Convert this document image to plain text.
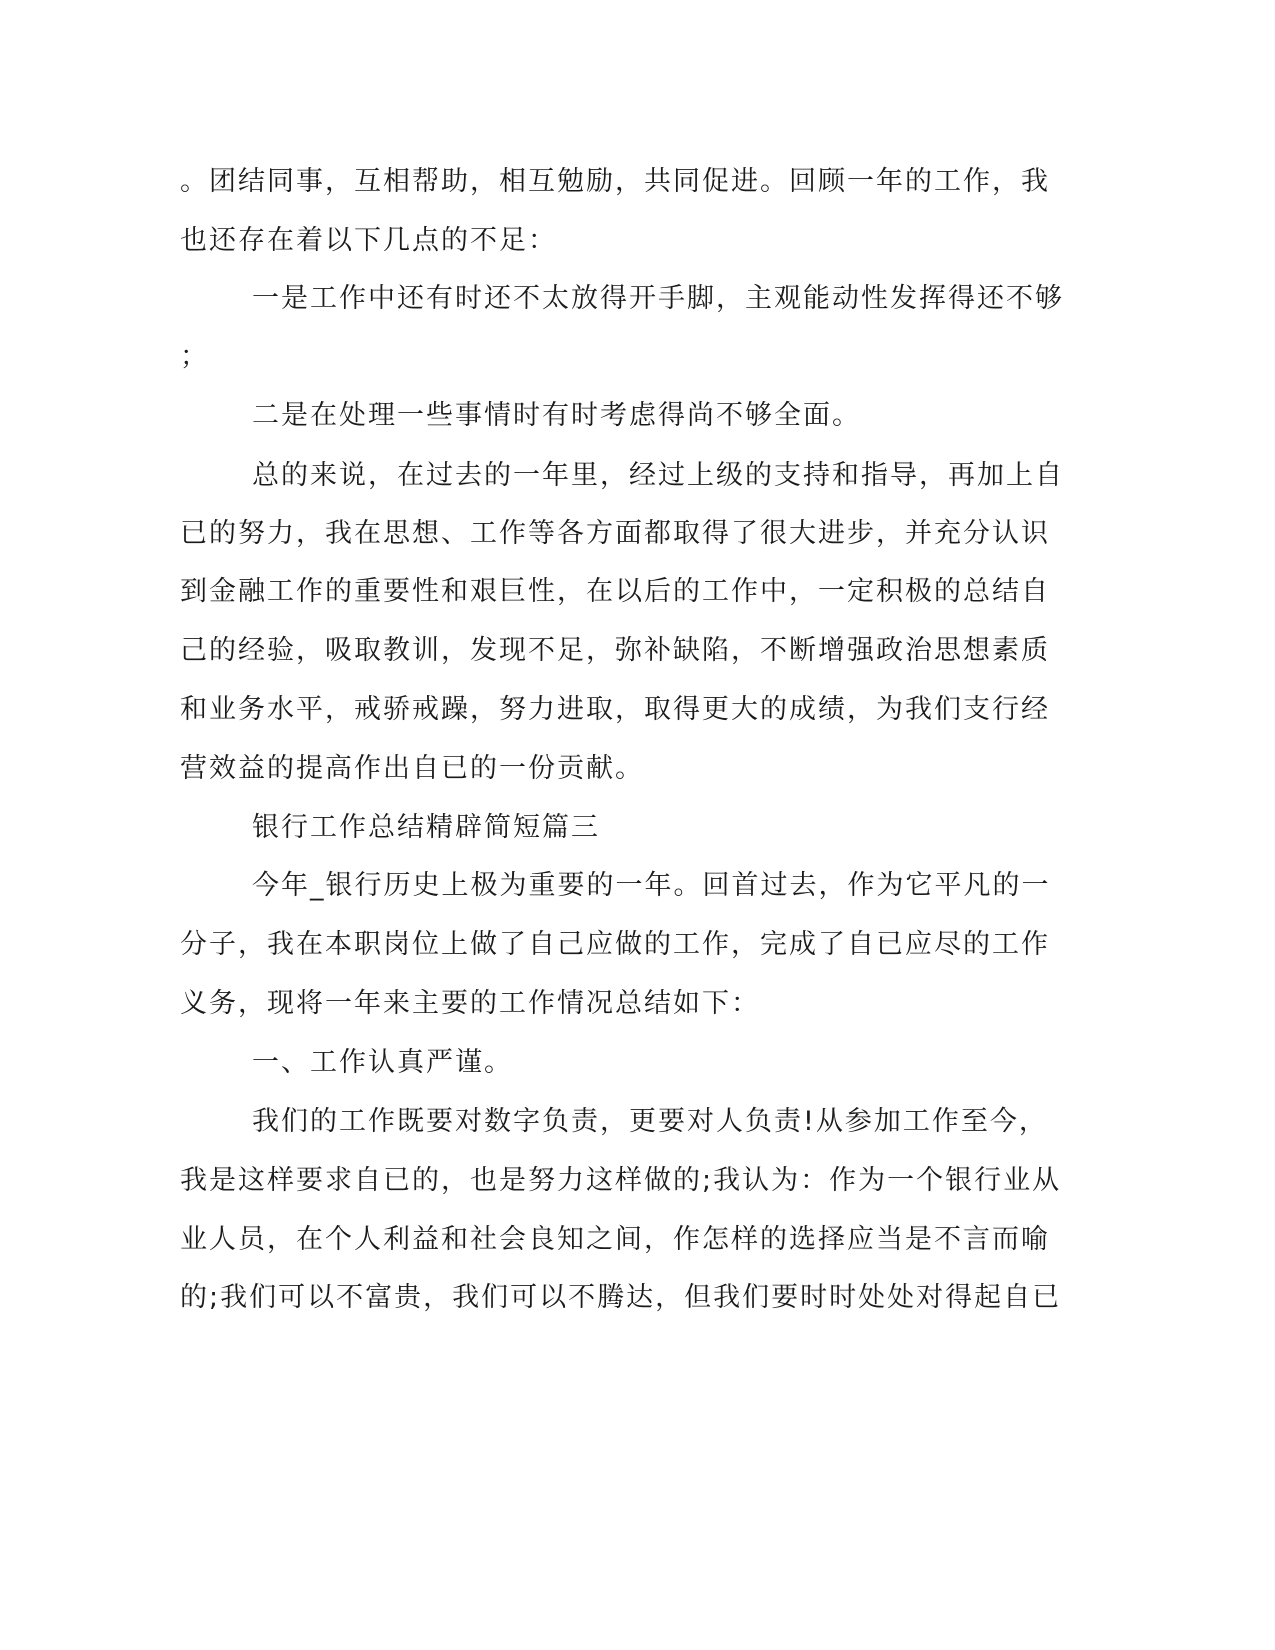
。团结同事，互相帮助，相互勉励，共同促进。回顾一年的工作，我
也还存在着以下几点的不足：
一是工作中还有时还不太放得开手脚，主观能动性发挥得还不够
；
二是在处理一些事情时有时考虑得尚不够全面。
总的来说，在过去的一年里，经过上级的支持和指导，再加上自
已的努力，我在思想、工作等各方面都取得了很大进步，并充分认识
到金融工作的重要性和艰巨性，在以后的工作中，一定积极的总结自
己的经验，吸取教训，发现不足，弥补缺陷，不断增强政治思想素质
和业务水平，戒骄戒躁，努力进取，取得更大的成绩，为我们支行经
营效益的提高作出自已的一份贡献。
银行工作总结精辟简短篇三
今年_银行历史上极为重要的一年。回首过去，作为它平凡的一
分子，我在本职岗位上做了自己应做的工作，完成了自已应尽的工作
义务，现将一年来主要的工作情况总结如下：
一、工作认真严谨。
我们的工作既要对数字负责，更要对人负责!从参加工作至今，
我是这样要求自已的，也是努力这样做的;我认为：作为一个银行业从
业人员，在个人利益和社会良知之间，作怎样的选择应当是不言而喻
的;我们可以不富贵，我们可以不腾达，但我们要时时处处对得起自已
